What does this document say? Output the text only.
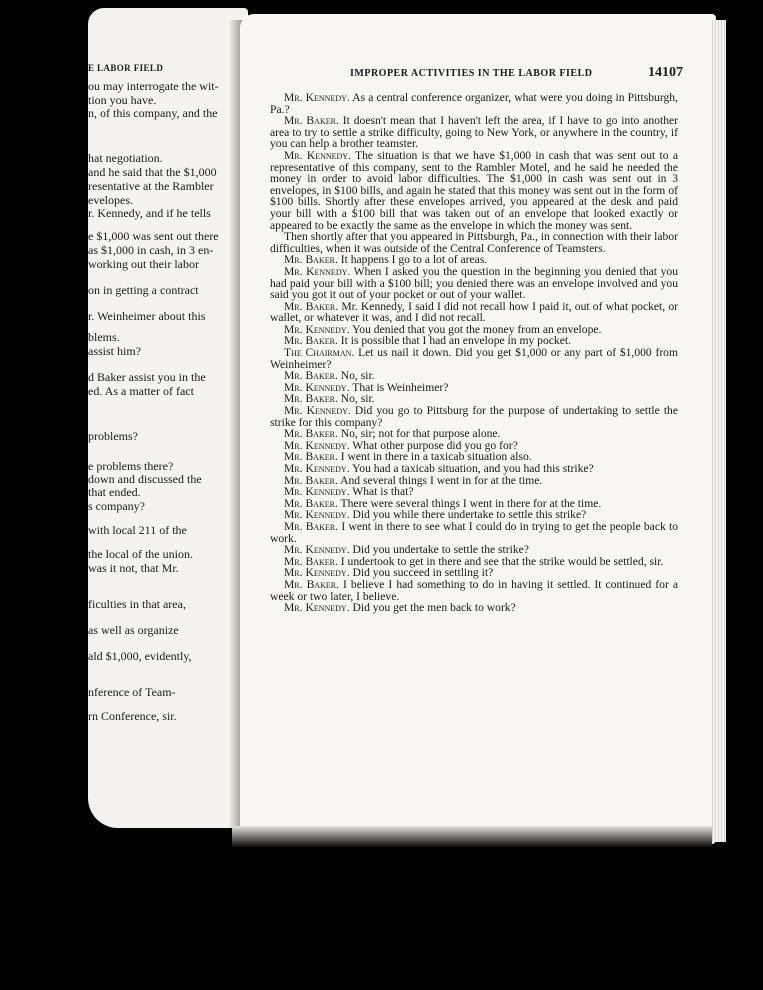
E LABOR FIELD
ou may interrogate the wit-
tion you have.
n, of this company, and the
hat negotiation.
and he said that the $1,000
resentative at the Rambler
evelopes.
r. Kennedy, and if he tells
e $1,000 was sent out there
as $1,000 in cash, in 3 en-
working out their labor
on in getting a contract
r. Weinheimer about this
blems.
assist him?
d Baker assist you in the
ed. As a matter of fact
problems?
e problems there?
down and discussed the
that ended.
s company?
with local 211 of the
the local of the union.
was it not, that Mr.
ficulties in that area,
as well as organize
ald $1,000, evidently,
nference of Team-
rn Conference, sir.
IMPROPER ACTIVITIES IN THE LABOR FIELD	14107

Mr. Kennedy. As a central conference organizer, what were you doing in Pittsburgh, Pa.?

Mr. Baker. It doesn't mean that I haven't left the area, if I have to go into another area to try to settle a strike difficulty, going to New York, or anywhere in the country, if you can help a brother teamster.

Mr. Kennedy. The situation is that we have $1,000 in cash that was sent out to a representative of this company, sent to the Rambler Motel, and he said he needed the money in order to avoid labor difficulties. The $1,000 in cash was sent out in 3 envelopes, in $100 bills, and again he stated that this money was sent out in the form of $100 bills. Shortly after these envelopes arrived, you appeared at the desk and paid your bill with a $100 bill that was taken out of an envelope that looked exactly or appeared to be exactly the same as the envelope in which the money was sent.

Then shortly after that you appeared in Pittsburgh, Pa., in connection with their labor difficulties, when it was outside of the Central Conference of Teamsters.

Mr. Baker. It happens I go to a lot of areas.

Mr. Kennedy. When I asked you the question in the beginning you denied that you had paid your bill with a $100 bill; you denied there was an envelope involved and you said you got it out of your pocket or out of your wallet.

Mr. Baker. Mr. Kennedy, I said I did not recall how I paid it, out of what pocket, or wallet, or whatever it was, and I did not recall.

Mr. Kennedy. You denied that you got the money from an envelope.

Mr. Baker. It is possible that I had an envelope in my pocket.

The Chairman. Let us nail it down. Did you get $1,000 or any part of $1,000 from Weinheimer?

Mr. Baker. No, sir.

Mr. Kennedy. That is Weinheimer?

Mr. Baker. No, sir.

Mr. Kennedy. Did you go to Pittsburg for the purpose of undertaking to settle the strike for this company?

Mr. Baker. No, sir; not for that purpose alone.

Mr. Kennedy. What other purpose did you go for?

Mr. Baker. I went in there in a taxicab situation also.

Mr. Kennedy. You had a taxicab situation, and you had this strike?

Mr. Baker. And several things I went in for at the time.

Mr. Kennedy. What is that?

Mr. Baker. There were several things I went in there for at the time.

Mr. Kennedy. Did you while there undertake to settle this strike?

Mr. Baker. I went in there to see what I could do in trying to get the people back to work.

Mr. Kennedy. Did you undertake to settle the strike?

Mr. Baker. I undertook to get in there and see that the strike would be settled, sir.

Mr. Kennedy. Did you succeed in settling it?

Mr. Baker. I believe I had something to do in having it settled. It continued for a week or two later, I believe.

Mr. Kennedy. Did you get the men back to work?
